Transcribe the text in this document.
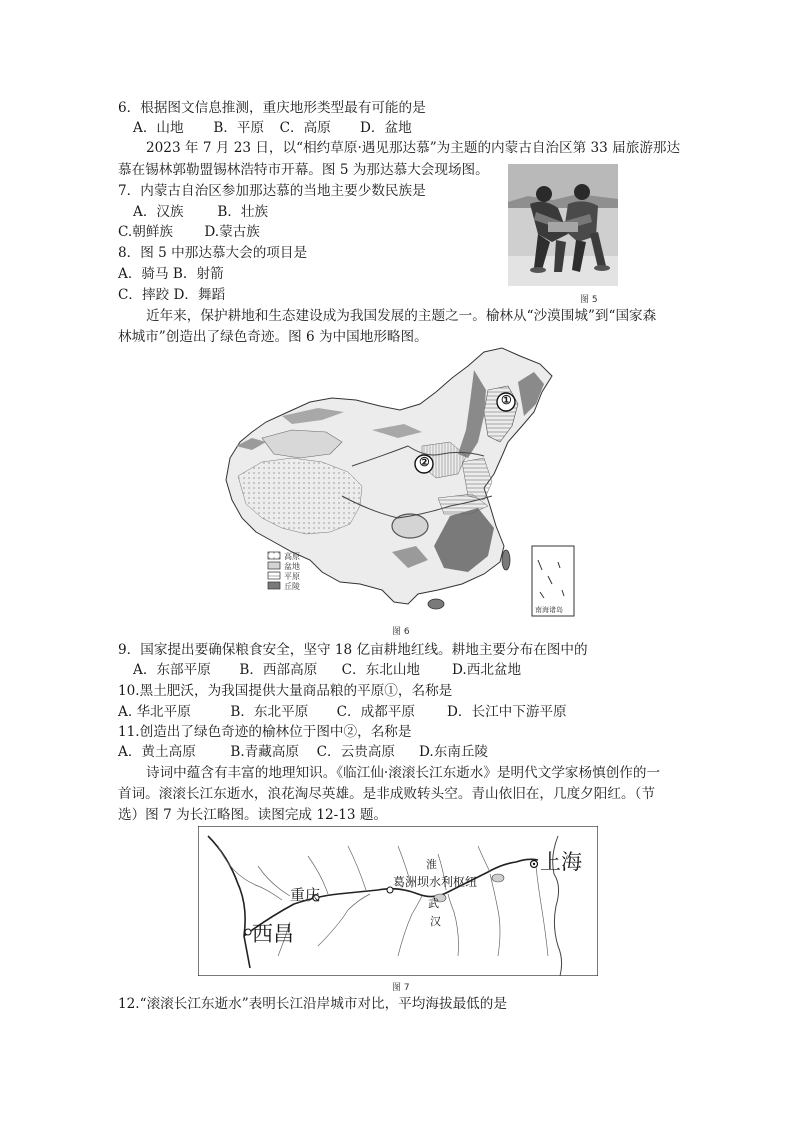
6．根据图文信息推测，重庆地形类型最有可能的是
A．山地 B．平原 C．高原 D．盆地
2023 年 7 月 23 日，以“相约草原·遇见那达慕”为主题的内蒙古自治区第 33 届旅游那达
慕在锡林郭勒盟锡林浩特市开幕。图 5 为那达慕大会现场图。
7．内蒙古自治区参加那达慕的当地主要少数民族是
A．汉族 B．壮族
C.朝鲜族 D.蒙古族
8．图 5 中那达慕大会的项目是
A．骑马 B．射箭
C．摔跤 D．舞蹈	图 5
近年来，保护耕地和生态建设成为我国发展的主题之一。榆林从“沙漠围城”到“国家森
林城市”创造出了绿色奇迹。图 6 为中国地形略图。
①
②
高原
盆地
平原
丘陵
南海诸岛
图 6
9．国家提出要确保粮食安全，坚守 18 亿亩耕地红线。耕地主要分布在图中的
A．东部平原 B．西部高原 C．东北山地 D.西北盆地
10.黑土肥沃，为我国提供大量商品粮的平原①，名称是
A. 华北平原	B．东北平原 C．成都平原 D．长江中下游平原
11.创造出了绿色奇迹的榆林位于图中②，名称是
A．黄土高原	B.青藏高原 C．云贵高原 D.东南丘陵
诗词中蕴含有丰富的地理知识。《临江仙·滚滚长江东逝水》是明代文学家杨慎创作的一
首词。滚滚长江东逝水，浪花淘尽英雄。是非成败转头空。青山依旧在，几度夕阳红。（节
选）图 7 为长江略图。读图完成 12-13 题。
上海
重庆
西昌
葛洲坝水利枢纽
淮
武
汉
图 7
12.“滚滚长江东逝水”表明长江沿岸城市对比，平均海拔最低的是
